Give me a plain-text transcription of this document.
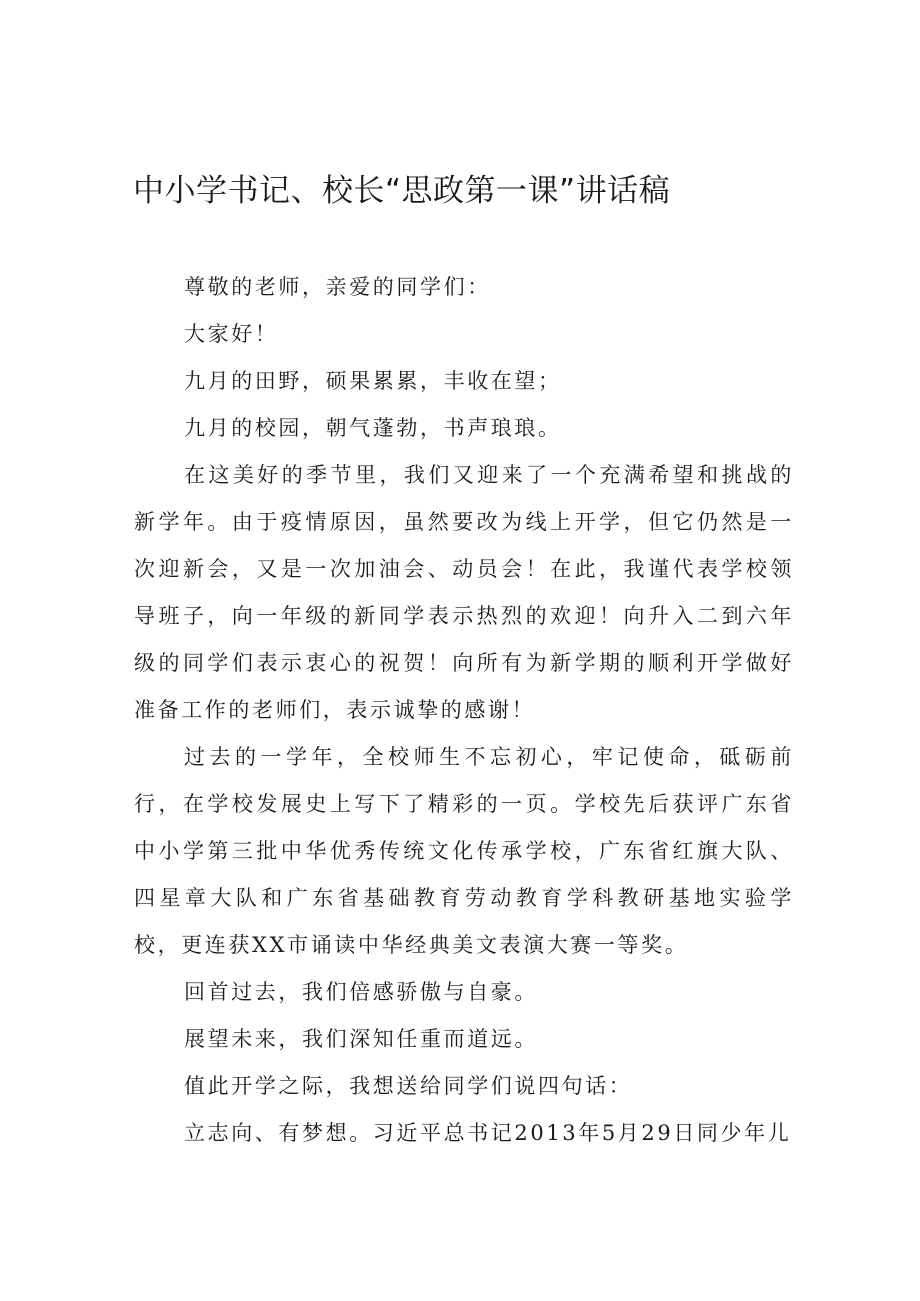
中小学书记、校长“思政第一课”讲话稿

尊敬的老师，亲爱的同学们：

大家好！

九月的田野，硕果累累，丰收在望；

九月的校园，朝气蓬勃，书声琅琅。

在这美好的季节里，我们又迎来了一个充满希望和挑战的新学年。由于疫情原因，虽然要改为线上开学，但它仍然是一次迎新会，又是一次加油会、动员会！在此，我谨代表学校领导班子，向一年级的新同学表示热烈的欢迎！向升入二到六年级的同学们表示衷心的祝贺！向所有为新学期的顺利开学做好准备工作的老师们，表示诚挚的感谢！

过去的一学年，全校师生不忘初心，牢记使命，砥砺前行，在学校发展史上写下了精彩的一页。学校先后获评广东省中小学第三批中华优秀传统文化传承学校，广东省红旗大队、四星章大队和广东省基础教育劳动教育学科教研基地实验学校，更连获XX市诵读中华经典美文表演大赛一等奖。

回首过去，我们倍感骄傲与自豪。

展望未来，我们深知任重而道远。

值此开学之际，我想送给同学们说四句话：

立志向、有梦想。习近平总书记2013年5月29日同少年儿
